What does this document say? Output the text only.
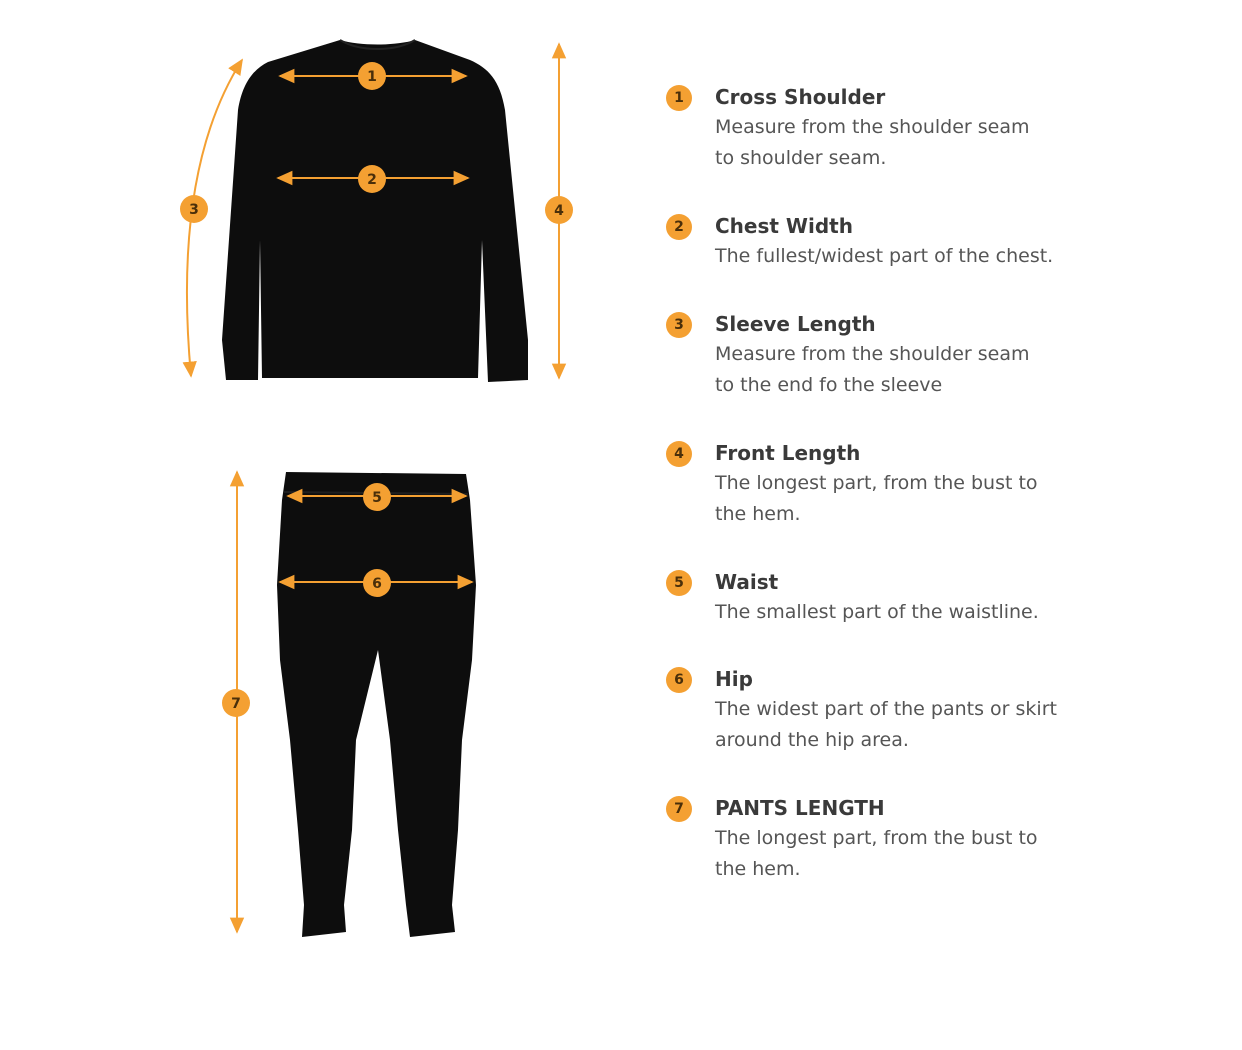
1
2
3	4
5
6
7
1	Cross Shoulder
Measure from the shoulder seam
to shoulder seam.
2	Chest Width
The fullest/widest part of the chest.
3	Sleeve Length
Measure from the shoulder seam
to the end fo the sleeve
4	Front Length
The longest part, from the bust to
the hem.
5	Waist
The smallest part of the waistline.
6	Hip
The widest part of the pants or skirt
around the hip area.
7	PANTS LENGTH
The longest part, from the bust to
the hem.
